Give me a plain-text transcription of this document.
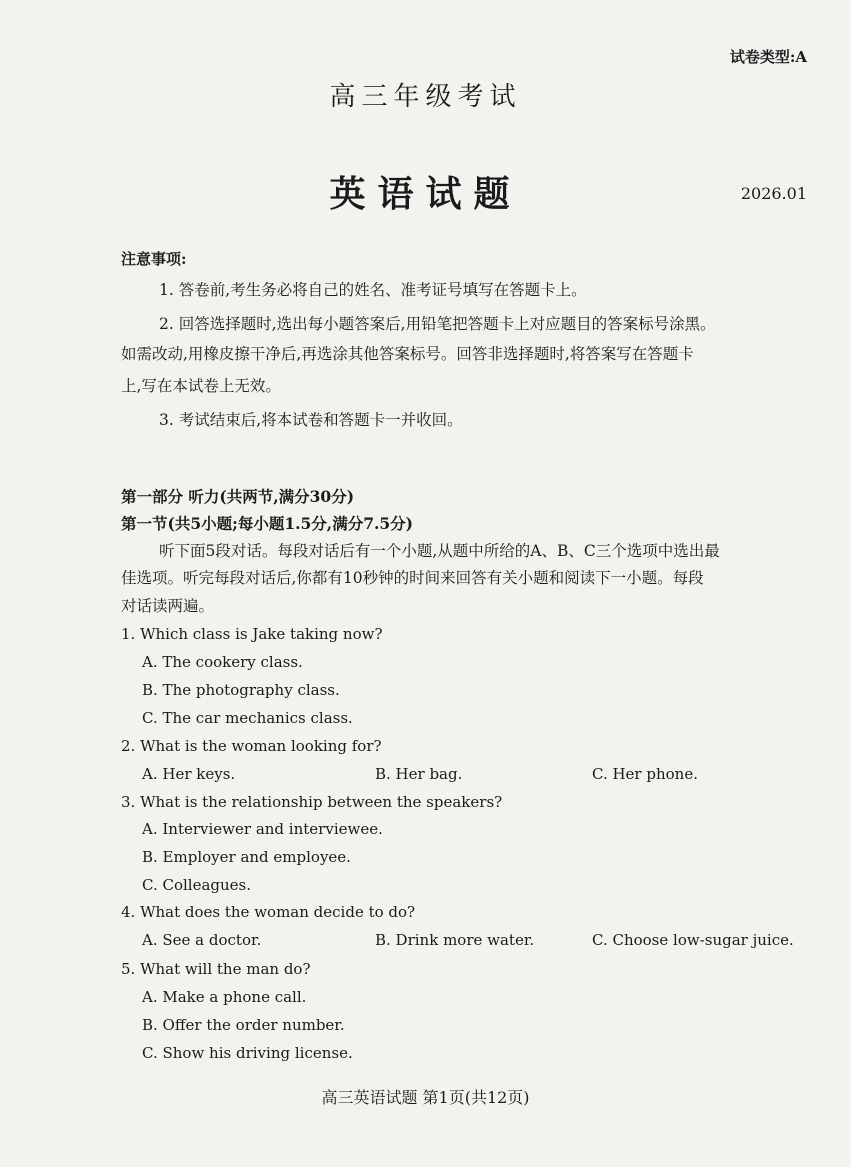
试卷类型:A
高三年级考试
英语试题	2026.01
注意事项:
1. 答卷前,考生务必将自己的姓名、准考证号填写在答题卡上。
2. 回答选择题时,选出每小题答案后,用铅笔把答题卡上对应题目的答案标号涂黑。
如需改动,用橡皮擦干净后,再选涂其他答案标号。回答非选择题时,将答案写在答题卡
上,写在本试卷上无效。
3. 考试结束后,将本试卷和答题卡一并收回。
第一部分 听力(共两节,满分30分)
第一节(共5小题;每小题1.5分,满分7.5分)
听下面5段对话。每段对话后有一个小题,从题中所给的A、B、C三个选项中选出最
佳选项。听完每段对话后,你都有10秒钟的时间来回答有关小题和阅读下一小题。每段
对话读两遍。
1. Which class is Jake taking now?
A. The cookery class.
B. The photography class.
C. The car mechanics class.
2. What is the woman looking for?
A. Her keys.	B. Her bag.	C. Her phone.
3. What is the relationship between the speakers?
A. Interviewer and interviewee.
B. Employer and employee.
C. Colleagues.
4. What does the woman decide to do?
A. See a doctor.	B. Drink more water.	C. Choose low-sugar juice.
5. What will the man do?
A. Make a phone call.
B. Offer the order number.
C. Show his driving license.
高三英语试题 第1页(共12页)
